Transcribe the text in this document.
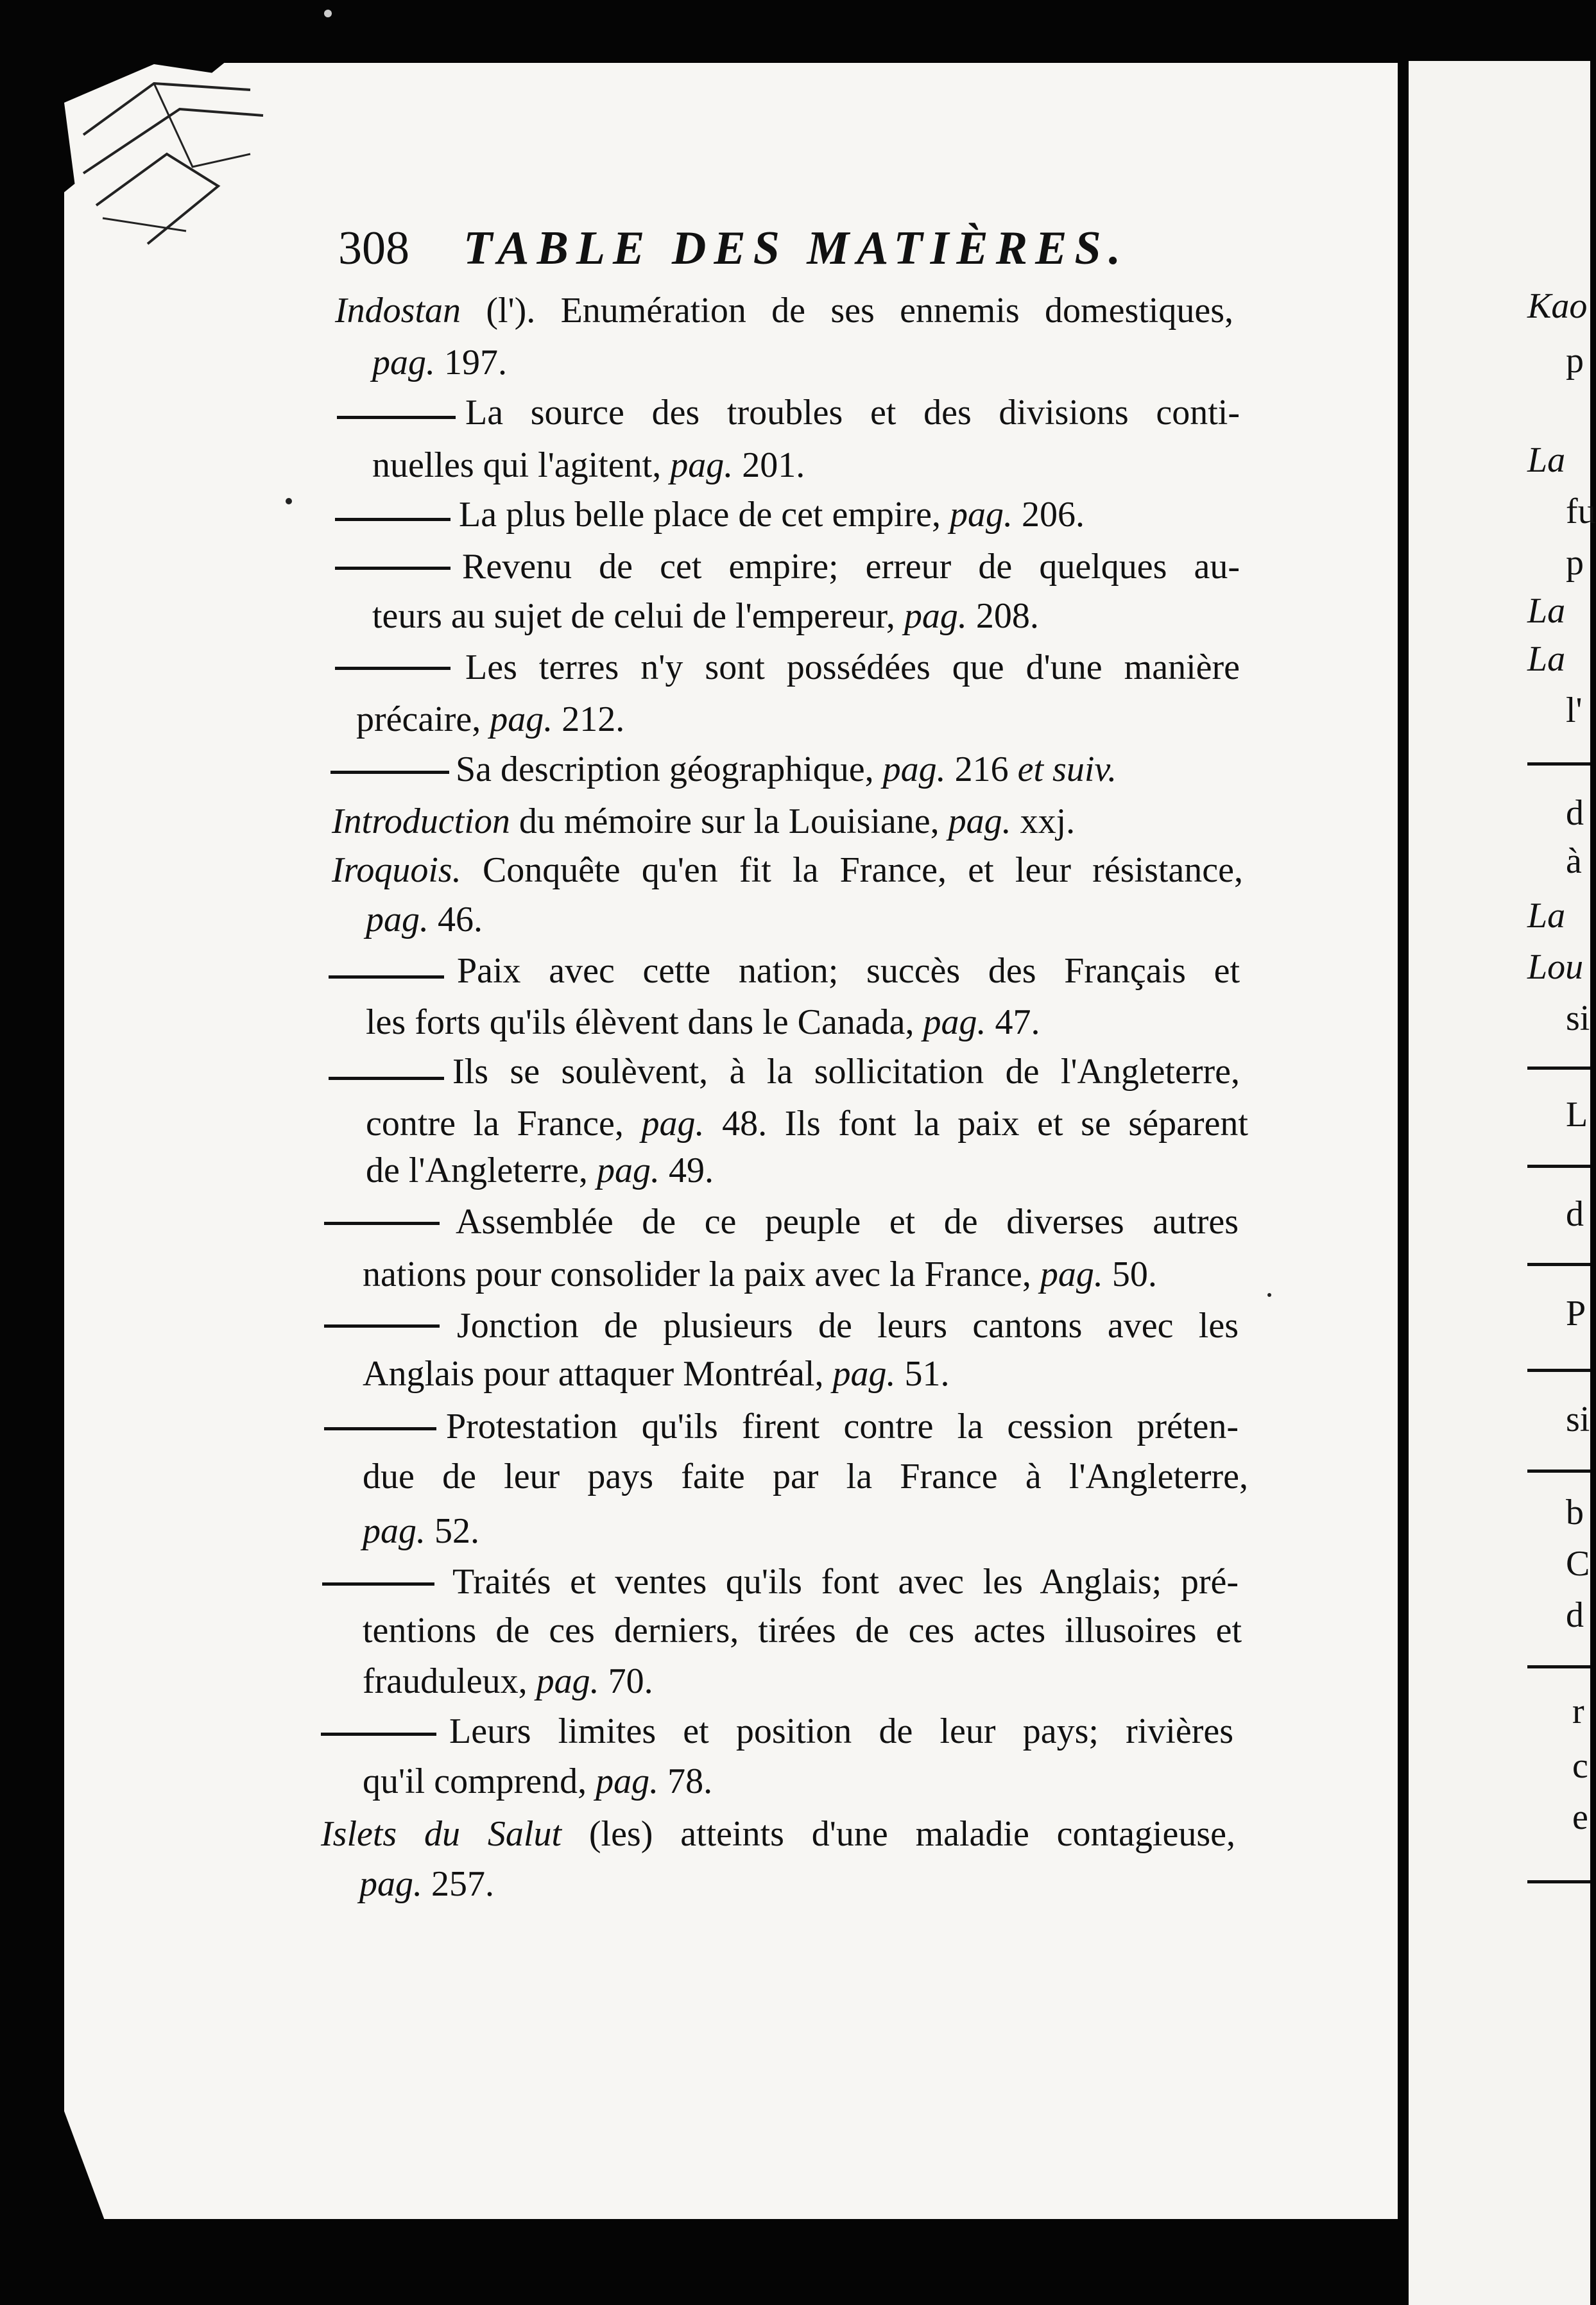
308 TABLE DES MATIÈRES.
Indostan (l'). Enumération de ses ennemis domestiques,
pag. 197.
La source des troubles et des divisions conti-
nuelles qui l'agitent, pag. 201.
La plus belle place de cet empire, pag. 206.
Revenu de cet empire; erreur de quelques au-
teurs au sujet de celui de l'empereur, pag. 208.
Les terres n'y sont possédées que d'une manière
précaire, pag. 212.
Sa description géographique, pag. 216 et suiv.
Introduction du mémoire sur la Louisiane, pag. xxj.
Iroquois. Conquête qu'en fit la France, et leur résistance,
pag. 46.
Paix avec cette nation; succès des Français et
les forts qu'ils élèvent dans le Canada, pag. 47.
Ils se soulèvent, à la sollicitation de l'Angleterre,
contre la France, pag. 48. Ils font la paix et se séparent
de l'Angleterre, pag. 49.
Assemblée de ce peuple et de diverses autres
nations pour consolider la paix avec la France, pag. 50.
Jonction de plusieurs de leurs cantons avec les
Anglais pour attaquer Montréal, pag. 51.
Protestation qu'ils firent contre la cession préten-
due de leur pays faite par la France à l'Angleterre,
pag. 52.
Traités et ventes qu'ils font avec les Anglais; pré-
tentions de ces derniers, tirées de ces actes illusoires et
frauduleux, pag. 70.
Leurs limites et position de leur pays; rivières
qu'il comprend, pag. 78.
Islets du Salut (les) atteints d'une maladie contagieuse,
pag. 257.
Kao
p
La
fu
p
La
La
l'
d
à
La
Lou
si
L
d
P
si
b
C
d
r
c
e
